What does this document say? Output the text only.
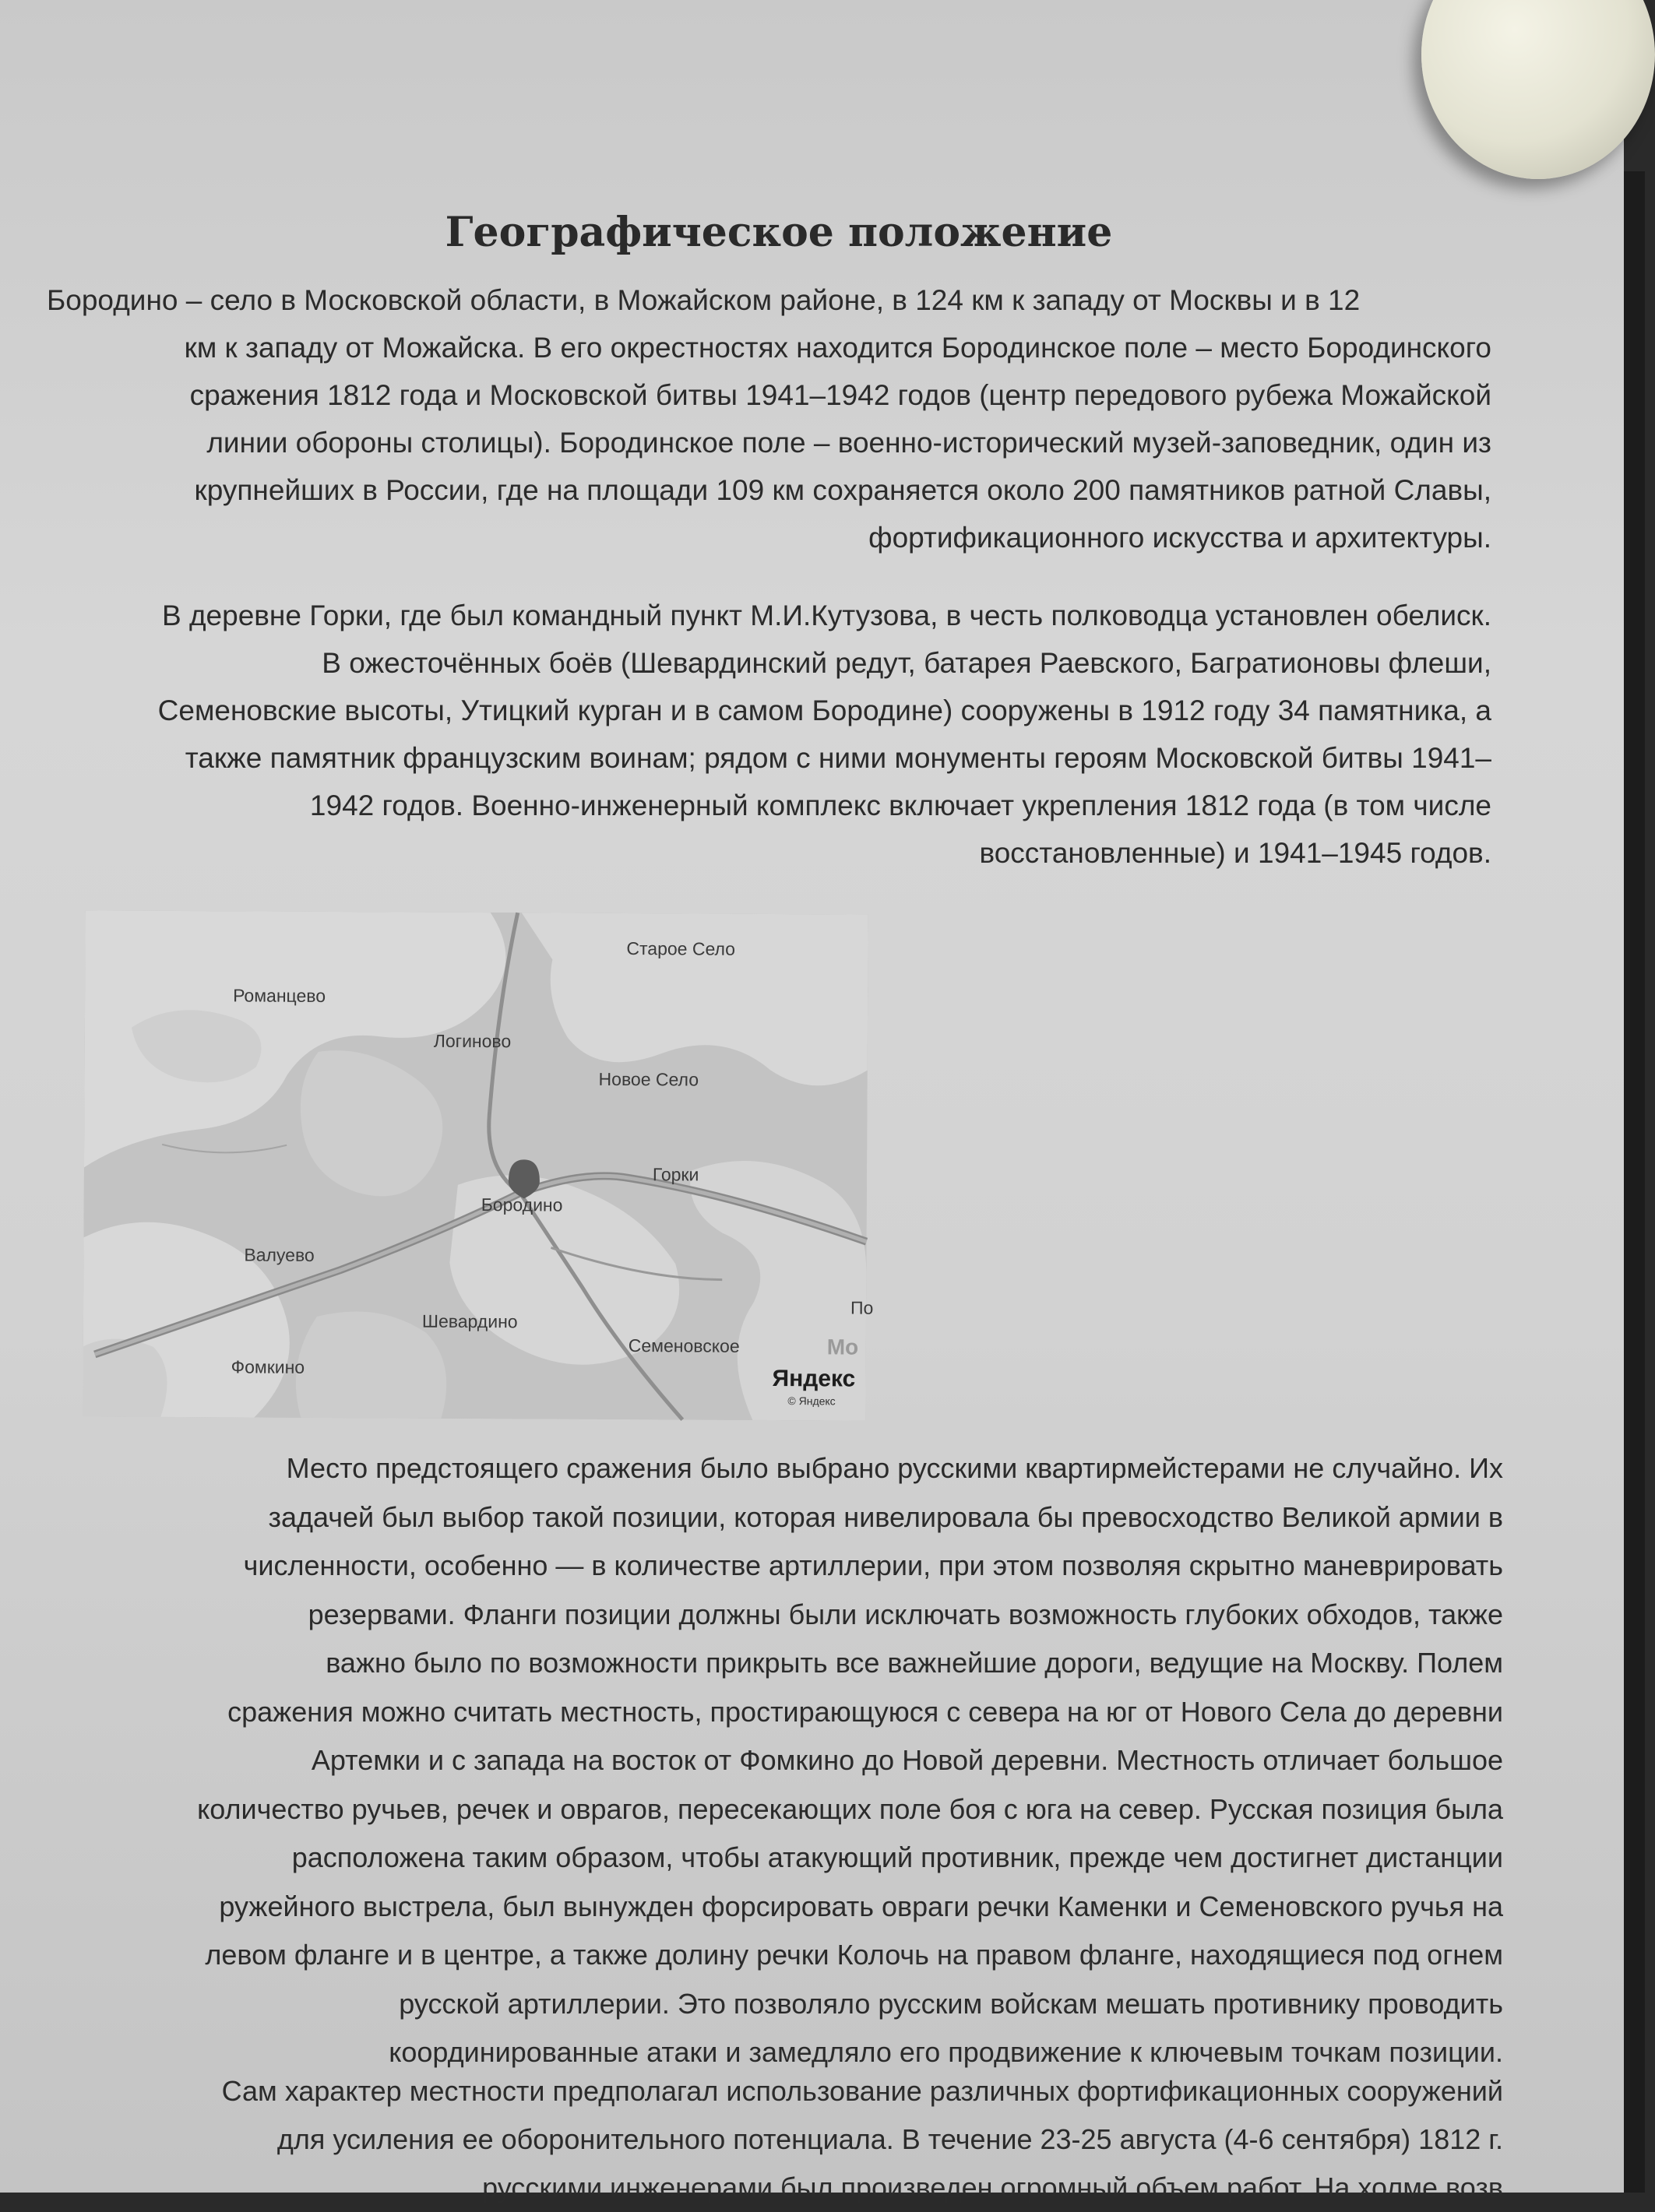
Географическое положение
Бородино – село в Московской области, в Можайском районе, в 124 км к западу от Москвы и в 12
км к западу от Можайска. В его окрестностях находится Бородинское поле – место Бородинского
сражения 1812 года и Московской битвы 1941–1942 годов (центр передового рубежа Можайской
линии обороны столицы). Бородинское поле – военно-исторический музей-заповедник, один из
крупнейших в России, где на площади 109 км сохраняется около 200 памятников ратной Славы,
фортификационного искусства и архитектуры.
В деревне Горки, где был командный пункт М.И.Кутузова, в честь полководца установлен обелиск.
В ожесточённых боёв (Шевардинский редут, батарея Раевского, Багратионовы флеши,
Семеновские высоты, Утицкий курган и в самом Бородине) сооружены в 1912 году 34 памятника, а
также памятник французским воинам; рядом с ними монументы героям Московской битвы 1941–
1942 годов. Военно-инженерный комплекс включает укрепления 1812 года (в том числе
восстановленные) и 1941–1945 годов.
Старое Село
Романцево
Логиново
Новое Село
Горки
Бородино
Валуево
Шевардино
Фомкино
Семеновское
По
Мо
Яндекс
© Яндекс
Место предстоящего сражения было выбрано русскими квартирмейстерами не случайно. Их
задачей был выбор такой позиции, которая нивелировала бы превосходство Великой армии в
численности, особенно — в количестве артиллерии, при этом позволяя скрытно маневрировать
резервами. Фланги позиции должны были исключать возможность глубоких обходов, также
важно было по возможности прикрыть все важнейшие дороги, ведущие на Москву. Полем
сражения можно считать местность, простирающуюся с севера на юг от Нового Села до деревни
Артемки и с запада на восток от Фомкино до Новой деревни. Местность отличает большое
количество ручьев, речек и оврагов, пересекающих поле боя с юга на север. Русская позиция была
расположена таким образом, чтобы атакующий противник, прежде чем достигнет дистанции
ружейного выстрела, был вынужден форсировать овраги речки Каменки и Семеновского ручья на
левом фланге и в центре, а также долину речки Колочь на правом фланге, находящиеся под огнем
русской артиллерии. Это позволяло русским войскам мешать противнику проводить
координированные атаки и замедляло его продвижение к ключевым точкам позиции.
Сам характер местности предполагал использование различных фортификационных сооружений
для усиления ее оборонительного потенциала. В течение 23-25 августа (4-6 сентября) 1812 г.
русскими инженерами был произведен огромный объем работ. На холме возв
